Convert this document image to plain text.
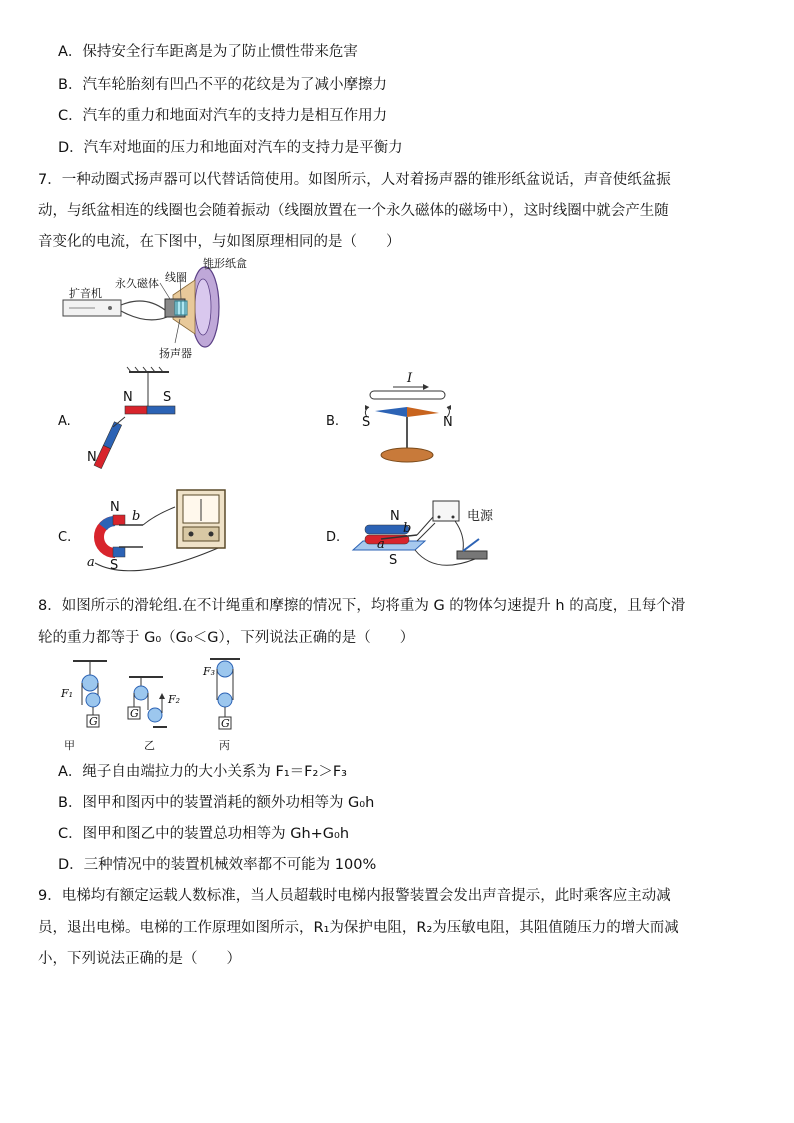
A．保持安全行车距离是为了防止惯性带来危害
B．汽车轮胎刻有凹凸不平的花纹是为了减小摩擦力
C．汽车的重力和地面对汽车的支持力是相互作用力
D．汽车对地面的压力和地面对汽车的支持力是平衡力
7．一种动圈式扬声器可以代替话筒使用。如图所示，人对着扬声器的锥形纸盆说话，声音使纸盆振
动，与纸盆相连的线圈也会随着振动（线圈放置在一个永久磁体的磁场中），这时线圈中就会产生随
音变化的电流，在下图中，与如图原理相同的是（　　）
扩音机
永久磁体 线圈
锥形纸盒
扬声器
A.
N S
N
B.
I
S	N
C.
N
b
a S
D.
N
b
a
S
电源
8．如图所示的滑轮组.在不计绳重和摩擦的情况下，均将重为 G 的物体匀速提升 h 的高度，且每个滑
轮的重力都等于 G₀（G₀＜G），下列说法正确的是（　　）
F₁
G
F₂
G
F₃
G
甲	乙	丙
A．绳子自由端拉力的大小关系为 F₁＝F₂＞F₃
B．图甲和图丙中的装置消耗的额外功相等为 G₀h
C．图甲和图乙中的装置总功相等为 Gh+G₀h
D．三种情况中的装置机械效率都不可能为 100%
9．电梯均有额定运载人数标准，当人员超载时电梯内报警装置会发出声音提示，此时乘客应主动减
员，退出电梯。电梯的工作原理如图所示，R₁为保护电阻，R₂为压敏电阻，其阻值随压力的增大而减
小，下列说法正确的是（　　）
